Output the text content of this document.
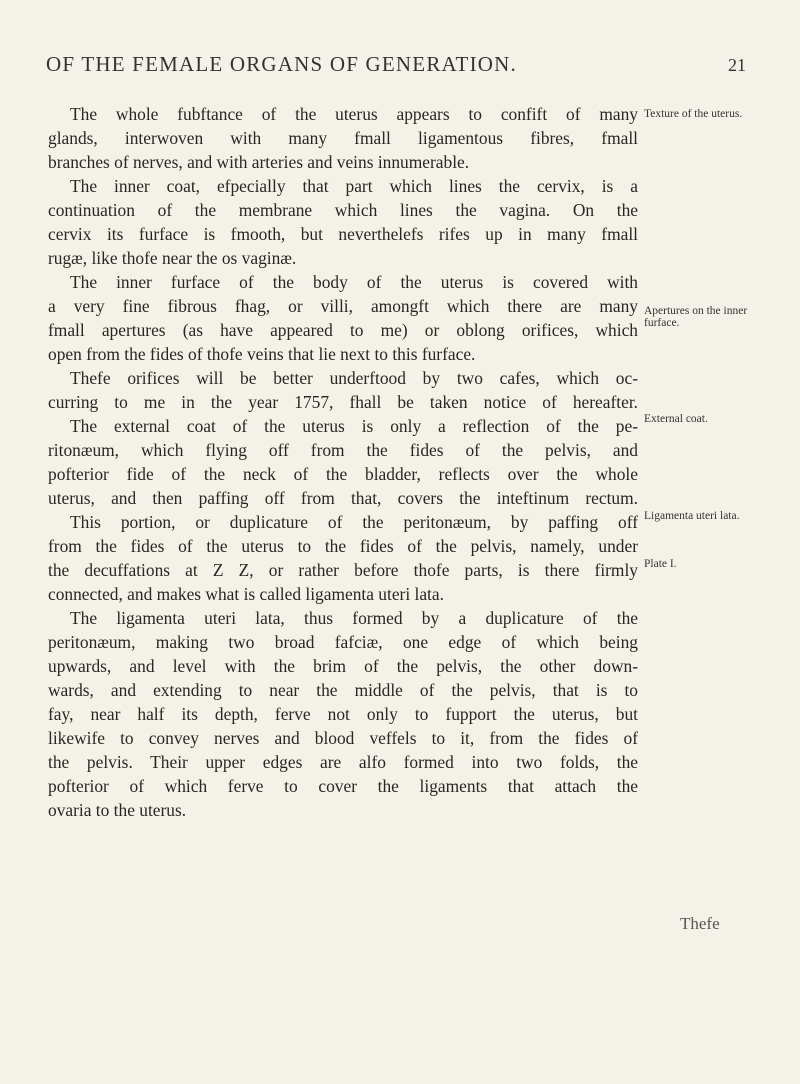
OF THE FEMALE ORGANS OF GENERATION.	21
The whole fubftance of the uterus appears to confift of many
glands, interwoven with many fmall ligamentous fibres, fmall
branches of nerves, and with arteries and veins innumerable.
The inner coat, efpecially that part which lines the cervix, is a
continuation of the membrane which lines the vagina. On the
cervix its furface is fmooth, but neverthelefs rifes up in many fmall
rugæ, like thofe near the os vaginæ.
The inner furface of the body of the uterus is covered with
a very fine fibrous fhag, or villi, amongft which there are many
fmall apertures (as have appeared to me) or oblong orifices, which
open from the fides of thofe veins that lie next to this furface.
Thefe orifices will be better underftood by two cafes, which oc-
curring to me in the year 1757, fhall be taken notice of hereafter.
The external coat of the uterus is only a reflection of the pe-
ritonæum, which flying off from the fides of the pelvis, and
pofterior fide of the neck of the bladder, reflects over the whole
uterus, and then paffing off from that, covers the inteftinum rectum.
This portion, or duplicature of the peritonæum, by paffing off
from the fides of the uterus to the fides of the pelvis, namely, under
the decuffations at Z Z, or rather before thofe parts, is there firmly
connected, and makes what is called ligamenta uteri lata.
The ligamenta uteri lata, thus formed by a duplicature of the
peritonæum, making two broad fafciæ, one edge of which being
upwards, and level with the brim of the pelvis, the other down-
wards, and extending to near the middle of the pelvis, that is to
fay, near half its depth, ferve not only to fupport the uterus, but
likewife to convey nerves and blood veffels to it, from the fides of
the pelvis. Their upper edges are alfo formed into two folds, the
pofterior of which ferve to cover the ligaments that attach the
ovaria to the uterus.
Texture of the uterus.
Apertures on the inner furface.
External coat.
Ligamenta uteri lata.
Plate I.
Thefe
